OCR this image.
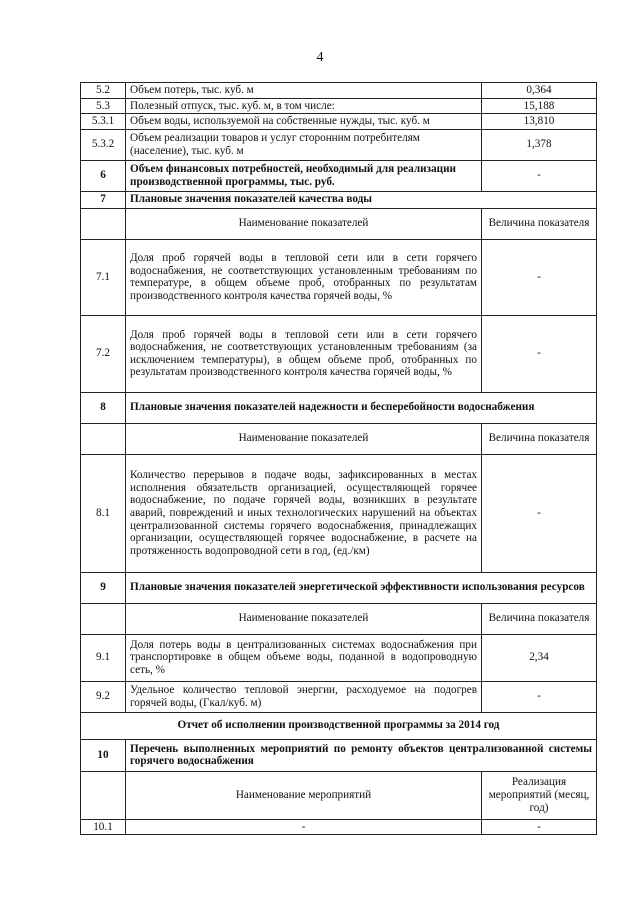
4
5.2	Объем потерь, тыс. куб. м	0,364
5.3	Полезный отпуск, тыс. куб. м, в том числе:	15,188
5.3.1	Объем воды, используемой на собственные нужды, тыс. куб. м	13,810
5.3.2	Объем реализации товаров и услуг сторонним потребителям (население), тыс. куб. м	1,378
6	Объем финансовых потребностей, необходимый для реализации производственной программы, тыс. руб.	-
7	Плановые значения показателей качества воды	
	Наименование показателей	Величина показателя
7.1	Доля проб горячей воды в тепловой сети или в сети горячего водоснабжения, не соответствующих установленным требованиям по температуре, в общем объеме проб, отобранных по результатам производственного контроля качества горячей воды, %	-
7.2	Доля проб горячей воды в тепловой сети или в сети горячего водоснабжения, не соответствующих установленным требованиям (за исключением температуры), в общем объеме проб, отобранных по результатам производственного контроля качества горячей воды, %	-
8	Плановые значения показателей надежности и бесперебойности водоснабжения	
	Наименование показателей	Величина показателя
8.1	Количество перерывов в подаче воды, зафиксированных в местах исполнения обязательств организацией, осуществляющей горячее водоснабжение, по подаче горячей воды, возникших в результате аварий, повреждений и иных технологических нарушений на объектах централизованной системы горячего водоснабжения, принадлежащих организации, осуществляющей горячее водоснабжение, в расчете на протяженность водопроводной сети в год, (ед./км)	-
9	Плановые значения показателей энергетической эффективности использования ресурсов	
	Наименование показателей	Величина показателя
9.1	Доля потерь воды в централизованных системах водоснабжения при транспортировке в общем объеме воды, поданной в водопроводную сеть, %	2,34
9.2	Удельное количество тепловой энергии, расходуемое на подогрев горячей воды, (Гкал/куб. м)	-
Отчет об исполнении производственной программы за 2014 год		
10	Перечень выполненных мероприятий по ремонту объектов централизованной системы горячего водоснабжения	
	Наименование мероприятий	Реализация мероприятий (месяц, год)
10.1	-	-
